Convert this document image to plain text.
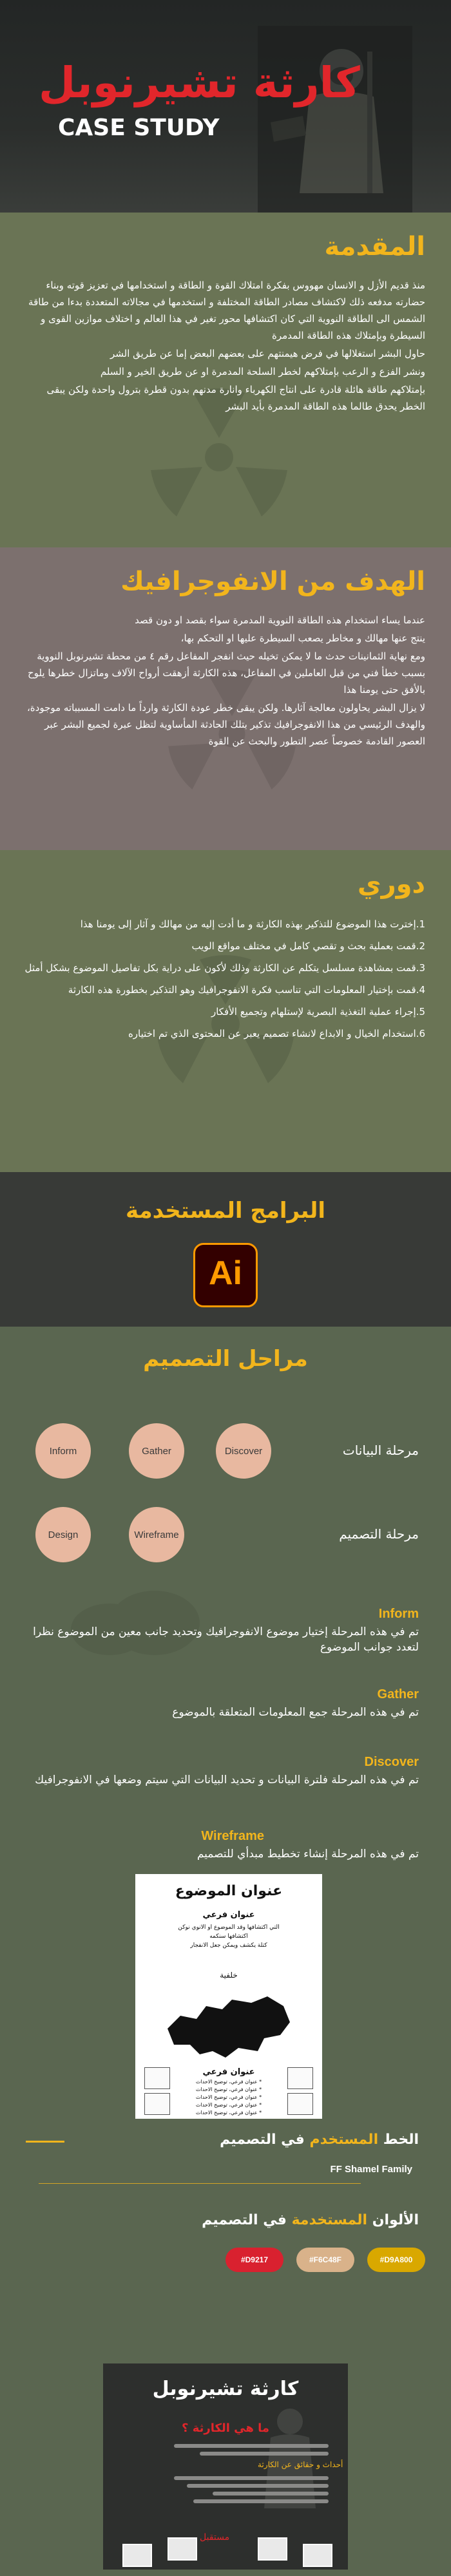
كارثة تشيرنوبل
CASE STUDY
المقدمة

منذ قديم الأزل و الانسان مهووس بفكرة امتلاك القوة و الطاقة و استخدامها في تعزيز قوته وبناء حضارته مدفعه ذلك لاكتشاف مصادر الطاقة المختلفة و استخدمها في مجالاته المتعددة بدءا من طاقة الشمس الى الطاقة النووية التي كان اكتشافها محور تغير في هذا العالم و اختلاف موازين القوى و السيطرة وبإمتلاك هذه الطاقة المدمرة

حاول البشر استغلالها في فرض هيمنتهم على بعضهم البعض إما عن طريق الشر

ونشر الفزع و الرعب بإمتلاكهم لخطر السلحة المدمرة او عن طريق الخير و السلم

بإمتلاكهم طاقة هائلة قادرة على انتاج الكهرباء وانارة مدنهم بدون قطرة بترول واحدة ولكن يبقى الخطر يحدق طالما هذه الطاقة المدمرة بأيد البشر

الهدف من الانفوجرافيك

عندما يساء استخدام هذه الطاقة النووية المدمرة سواء بقصد او دون قصد

ينتج عنها مهالك و مخاطر يصعب السيطرة عليها او التحكم بها،

ومع نهاية الثمانينات حدث ما لا يمكن تخيله حيث انفجر المفاعل رقم ٤ من محطة تشيرنوبل النووية بسبب خطأ فني من قبل العاملين في المفاعل، هذه الكارثة أزهقت أرواح الآلاف وماتزال خطرها يلوح بالأفق حتى يومنا هذا

لا يزال البشر يحاولون معالجة آثارها. ولكن يبقى خطر عودة الكارثة وارداً ما دامت المسبباته موجودة، والهدف الرئيسي من هذا الانفوجرافيك تذكير بتلك الحادثة المأساوية لتظل عبرة لجميع البشر عبر العصور القادمة خصوصاً عصر التطور والبحث عن القوة

دوري
1.إخترت هذا الموضوع للتذكير بهذه الكارثة و ما أدت إليه من مهالك و آثار إلى يومنا هذا
2.قمت بعملية بحث و تقصي كامل في مختلف مواقع الويب
3.قمت بمشاهدة مسلسل يتكلم عن الكارثة وذلك لأكون على دراية بكل تفاصيل الموضوع بشكل أمثل
4.قمت بإختيار المعلومات التي تناسب فكرة الانفوجرافيك وهو التذكير بخطورة هذه الكارثة
5.إجراء عملية التغذية البصرية لإستلهام وتجميع الأفكار
6.استخدام الخيال و الابداع لانشاء تصميم يعبر عن المحتوى الذي تم اختياره
البرامج المستخدمة
Ai
مراحل التصميم
Inform	Gather	Discover
Design	Wireframe
مرحلة البيانات
مرحلة التصميم
Inform
تم في هذه المرحلة إختيار موضوع الانفوجرافيك وتحديد جانب معين من الموضوع نظرا لتعدد جوانب الموضوع
Gather
تم في هذه المرحلة جمع المعلومات المتعلقة بالموضوع
Discover
تم في هذه المرحلة فلترة البيانات و تحديد البيانات التي سيتم وضعها في الانفوجرافيك
Wireframe
تم في هذه المرحلة إنشاء تخطيط مبدأي للتصميم
عنوان الموضوع
عنوان فرعي
التي اكتشافها وقد الموضوع او الانوي نوكن
اكتشافها سنكمه
كتلة يكشف ويمكن جعل الانفجار
خلفية
عنوان فرعي
* عنوان فرعي، توضيح الاحداث
* عنوان فرعي، توضيح الاحداث
* عنوان فرعي، توضيح الاحداث
* عنوان فرعي، توضيح الاحداث
* عنوان فرعي، توضيح الاحداث
الخط المستخدم في التصميم
FF Shamel Family
الألوان المستخدمة في التصميم
#D9217	#F6C48F	#D9A800
كارثة تشيرنوبل
ما هي الكارثة ؟
أحداث و حقائق عن الكارثة
مستقبل
